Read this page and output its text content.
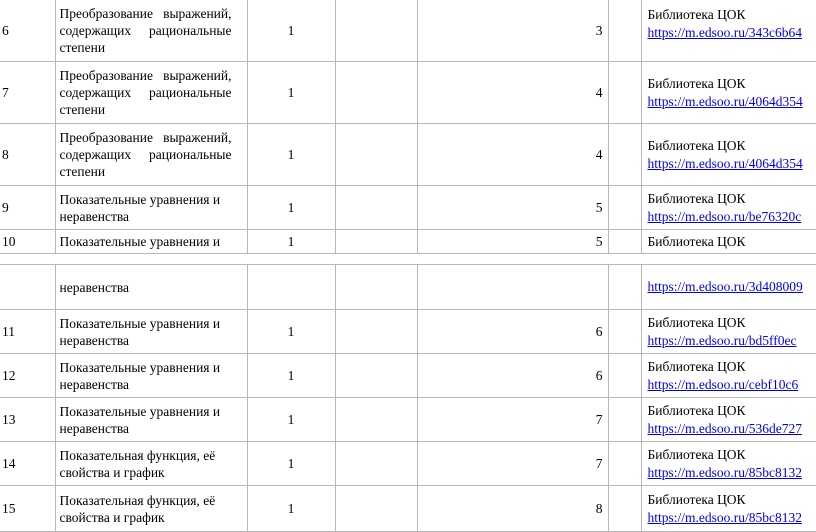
6	Преобразование выражений,
содержащих рациональные
степени	1		3		Библиотека ЦОК
https://m.edsoo.ru/343c6b64
7	Преобразование выражений,
содержащих рациональные
степени	1		4		Библиотека ЦОК
https://m.edsoo.ru/4064d354
8	Преобразование выражений,
содержащих рациональные
степени	1		4		Библиотека ЦОК
https://m.edsoo.ru/4064d354
9	Показательные уравнения и
неравенства	1		5		Библиотека ЦОК
https://m.edsoo.ru/be76320c
10	Показательные уравнения и	1		5		Библиотека ЦОК
	неравенства					https://m.edsoo.ru/3d408009
11	Показательные уравнения и
неравенства	1		6		Библиотека ЦОК
https://m.edsoo.ru/bd5ff0ec
12	Показательные уравнения и
неравенства	1		6		Библиотека ЦОК
https://m.edsoo.ru/cebf10c6
13	Показательные уравнения и
неравенства	1		7		Библиотека ЦОК
https://m.edsoo.ru/536de727
14	Показательная функция, её
свойства и график	1		7		Библиотека ЦОК
https://m.edsoo.ru/85bc8132
15	Показательная функция, её
свойства и график	1		8		Библиотека ЦОК
https://m.edsoo.ru/85bc8132
